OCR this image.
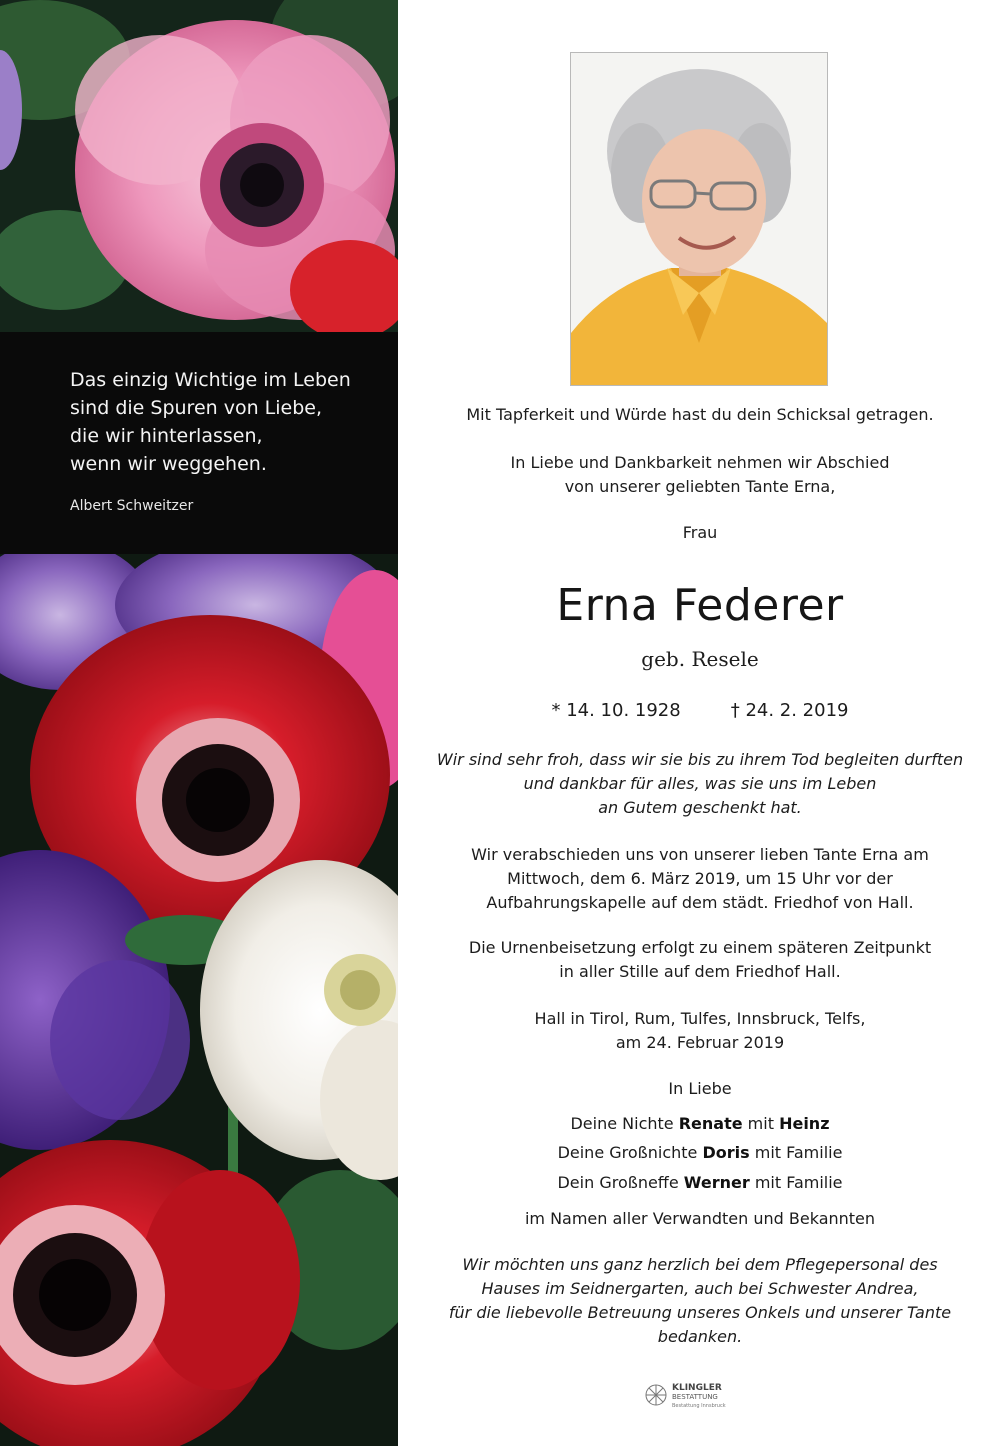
Das einzig Wichtige im Leben
sind die Spuren von Liebe,
die wir hinterlassen,
wenn wir weggehen.
Albert Schweitzer
Mit Tapferkeit und Würde hast du dein Schicksal getragen.
In Liebe und Dankbarkeit nehmen wir Abschied
von unserer geliebten Tante Erna,
Frau
Erna Federer
geb. Resele
* 14. 10. 1928	† 24. 2. 2019
Wir sind sehr froh, dass wir sie bis zu ihrem Tod begleiten durften
und dankbar für alles, was sie uns im Leben
an Gutem geschenkt hat.
Wir verabschieden uns von unserer lieben Tante Erna am
Mittwoch, dem 6. März 2019, um 15 Uhr vor der
Aufbahrungskapelle auf dem städt. Friedhof von Hall.
Die Urnenbeisetzung erfolgt zu einem späteren Zeitpunkt
in aller Stille auf dem Friedhof Hall.
Hall in Tirol, Rum, Tulfes, Innsbruck, Telfs,
am 24. Februar 2019
In Liebe
Deine Nichte Renate mit Heinz
Deine Großnichte Doris mit Familie
Dein Großneffe Werner mit Familie
im Namen aller Verwandten und Bekannten
Wir möchten uns ganz herzlich bei dem Pflegepersonal des
Hauses im Seidnergarten, auch bei Schwester Andrea,
für die liebevolle Betreuung unseres Onkels und unserer Tante
bedanken.
KLINGLER
BESTATTUNG
Bestattung Innsbruck
